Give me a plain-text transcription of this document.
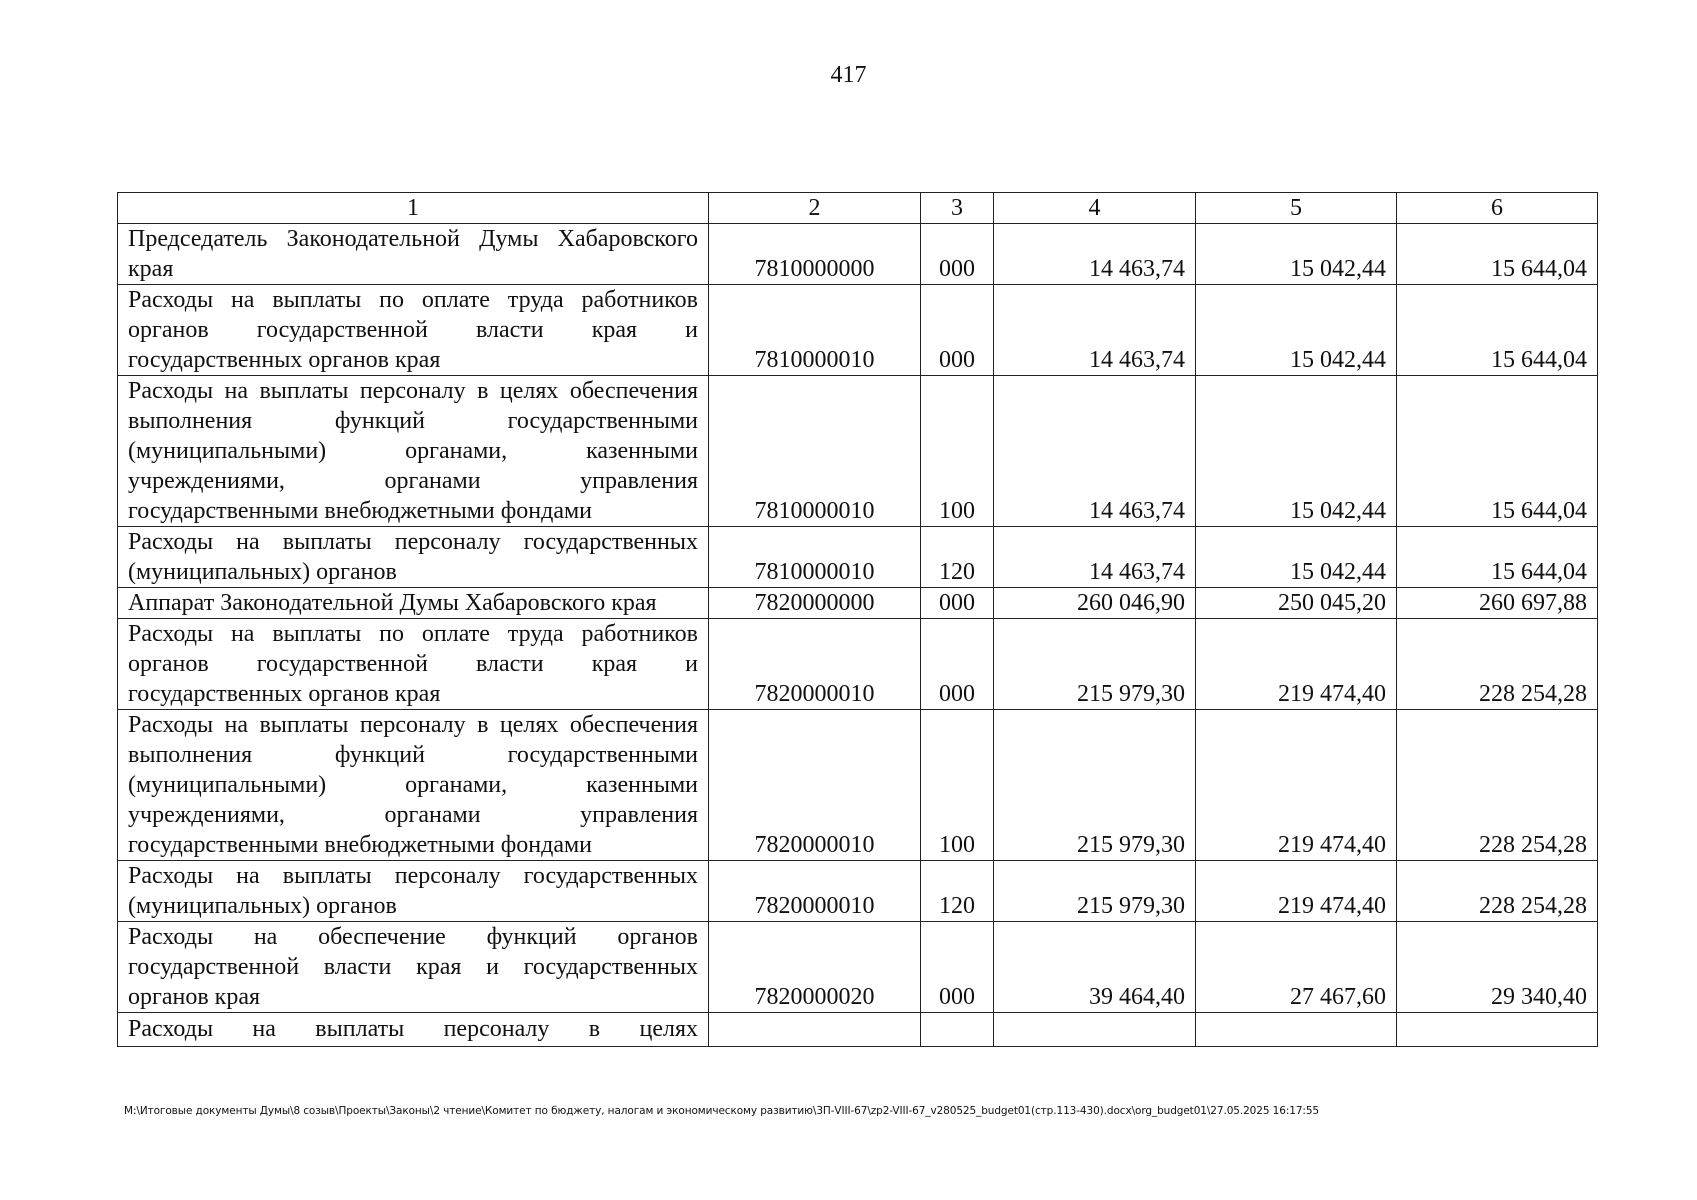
417
1	2	3	4	5	6
Председатель Законодательной Думы Хабаровского края	7810000000	000	14 463,74	15 042,44	15 644,04
Расходы на выплаты по оплате труда работников органов государственной власти края и государственных органов края	7810000010	000	14 463,74	15 042,44	15 644,04
Расходы на выплаты персоналу в целях обеспечения выполнения функций государственными (муниципальными) органами, казенными учреждениями, органами управления государственными внебюджетными фондами	7810000010	100	14 463,74	15 042,44	15 644,04
Расходы на выплаты персоналу государственных (муниципальных) органов	7810000010	120	14 463,74	15 042,44	15 644,04
Аппарат Законодательной Думы Хабаровского края	7820000000	000	260 046,90	250 045,20	260 697,88
Расходы на выплаты по оплате труда работников органов государственной власти края и государственных органов края	7820000010	000	215 979,30	219 474,40	228 254,28
Расходы на выплаты персоналу в целях обеспечения выполнения функций государственными (муниципальными) органами, казенными учреждениями, органами управления государственными внебюджетными фондами	7820000010	100	215 979,30	219 474,40	228 254,28
Расходы на выплаты персоналу государственных (муниципальных) органов	7820000010	120	215 979,30	219 474,40	228 254,28
Расходы на обеспечение функций органов государственной власти края и государственных органов края	7820000020	000	39 464,40	27 467,60	29 340,40
Расходы на выплаты персоналу в целях					
М:\Итоговые документы Думы\8 созыв\Проекты\Законы\2 чтение\Комитет по бюджету, налогам и экономическому развитию\3П-VIII-67\zp2-VIII-67_v280525_budget01(стр.113-430).docx\org_budget01\27.05.2025 16:17:55
